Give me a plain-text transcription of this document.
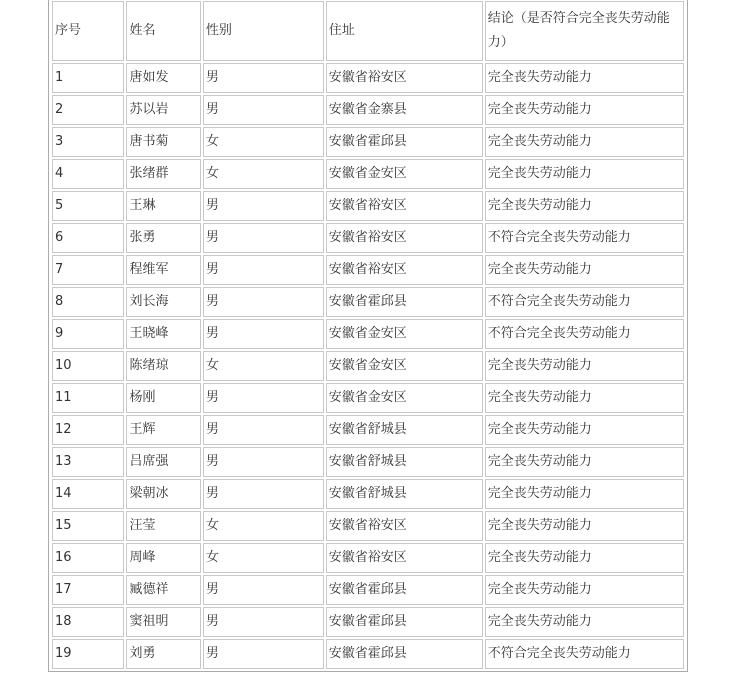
序号	姓名	性别	住址	结论（是否符合完全丧失劳动能力）
1	唐如发	男	安徽省裕安区	完全丧失劳动能力
2	苏以岩	男	安徽省金寨县	完全丧失劳动能力
3	唐书菊	女	安徽省霍邱县	完全丧失劳动能力
4	张绪群	女	安徽省金安区	完全丧失劳动能力
5	王琳	男	安徽省裕安区	完全丧失劳动能力
6	张勇	男	安徽省裕安区	不符合完全丧失劳动能力
7	程维军	男	安徽省裕安区	完全丧失劳动能力
8	刘长海	男	安徽省霍邱县	不符合完全丧失劳动能力
9	王晓峰	男	安徽省金安区	不符合完全丧失劳动能力
10	陈绪琼	女	安徽省金安区	完全丧失劳动能力
11	杨刚	男	安徽省金安区	完全丧失劳动能力
12	王辉	男	安徽省舒城县	完全丧失劳动能力
13	吕席强	男	安徽省舒城县	完全丧失劳动能力
14	梁朝冰	男	安徽省舒城县	完全丧失劳动能力
15	汪莹	女	安徽省裕安区	完全丧失劳动能力
16	周峰	女	安徽省裕安区	完全丧失劳动能力
17	臧德祥	男	安徽省霍邱县	完全丧失劳动能力
18	窦祖明	男	安徽省霍邱县	完全丧失劳动能力
19	刘勇	男	安徽省霍邱县	不符合完全丧失劳动能力
